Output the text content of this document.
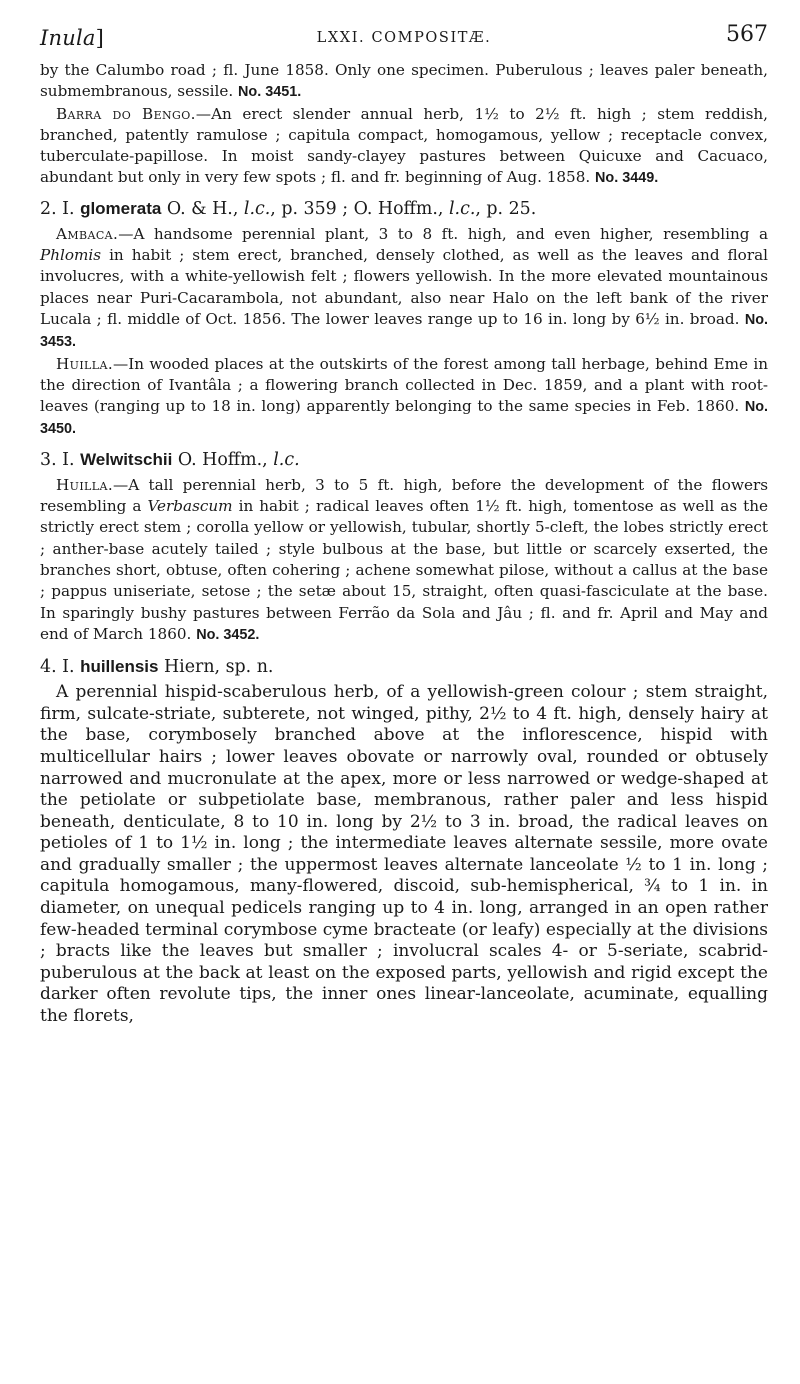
Inula]	LXXI. COMPOSITÆ.	567

by the Calumbo road ; fl. June 1858. Only one specimen. Puberulous ; leaves paler beneath, submembranous, sessile. No. 3451.

Barra do Bengo.—An erect slender annual herb, 1½ to 2½ ft. high ; stem reddish, branched, patently ramulose ; capitula compact, homogamous, yellow ; receptacle convex, tuberculate-papillose. In moist sandy-clayey pastures between Quicuxe and Cacuaco, abundant but only in very few spots ; fl. and fr. beginning of Aug. 1858. No. 3449.

2. I. glomerata O. & H., l.c., p. 359 ; O. Hoffm., l.c., p. 25.

Ambaca.—A handsome perennial plant, 3 to 8 ft. high, and even higher, resembling a Phlomis in habit ; stem erect, branched, densely clothed, as well as the leaves and floral involucres, with a white-yellowish felt ; flowers yellowish. In the more elevated mountainous places near Puri-Cacarambola, not abundant, also near Halo on the left bank of the river Lucala ; fl. middle of Oct. 1856. The lower leaves range up to 16 in. long by 6½ in. broad. No. 3453.

Huilla.—In wooded places at the outskirts of the forest among tall herbage, behind Eme in the direction of Ivantâla ; a flowering branch collected in Dec. 1859, and a plant with root-leaves (ranging up to 18 in. long) apparently belonging to the same species in Feb. 1860. No. 3450.

3. I. Welwitschii O. Hoffm., l.c.

Huilla.—A tall perennial herb, 3 to 5 ft. high, before the development of the flowers resembling a Verbascum in habit ; radical leaves often 1½ ft. high, tomentose as well as the strictly erect stem ; corolla yellow or yellowish, tubular, shortly 5-cleft, the lobes strictly erect ; anther-base acutely tailed ; style bulbous at the base, but little or scarcely exserted, the branches short, obtuse, often cohering ; achene somewhat pilose, without a callus at the base ; pappus uniseriate, setose ; the setæ about 15, straight, often quasi-fasciculate at the base. In sparingly bushy pastures between Ferrão da Sola and Jâu ; fl. and fr. April and May and end of March 1860. No. 3452.

4. I. huillensis Hiern, sp. n.

A perennial hispid-scaberulous herb, of a yellowish-green colour ; stem straight, firm, sulcate-striate, subterete, not winged, pithy, 2½ to 4 ft. high, densely hairy at the base, corymbosely branched above at the inflorescence, hispid with multicellular hairs ; lower leaves obovate or narrowly oval, rounded or obtusely narrowed and mucronulate at the apex, more or less narrowed or wedge-shaped at the petiolate or subpetiolate base, membranous, rather paler and less hispid beneath, denticulate, 8 to 10 in. long by 2½ to 3 in. broad, the radical leaves on petioles of 1 to 1½ in. long ; the intermediate leaves alternate sessile, more ovate and gradually smaller ; the uppermost leaves alternate lanceolate ½ to 1 in. long ; capitula homogamous, many-flowered, discoid, sub-hemispherical, ¾ to 1 in. in diameter, on unequal pedicels ranging up to 4 in. long, arranged in an open rather few-headed terminal corymbose cyme bracteate (or leafy) especially at the divisions ; bracts like the leaves but smaller ; involucral scales 4- or 5-seriate, scabrid-puberulous at the back at least on the exposed parts, yellowish and rigid except the darker often revolute tips, the inner ones linear-lanceolate, acuminate, equalling the florets,
